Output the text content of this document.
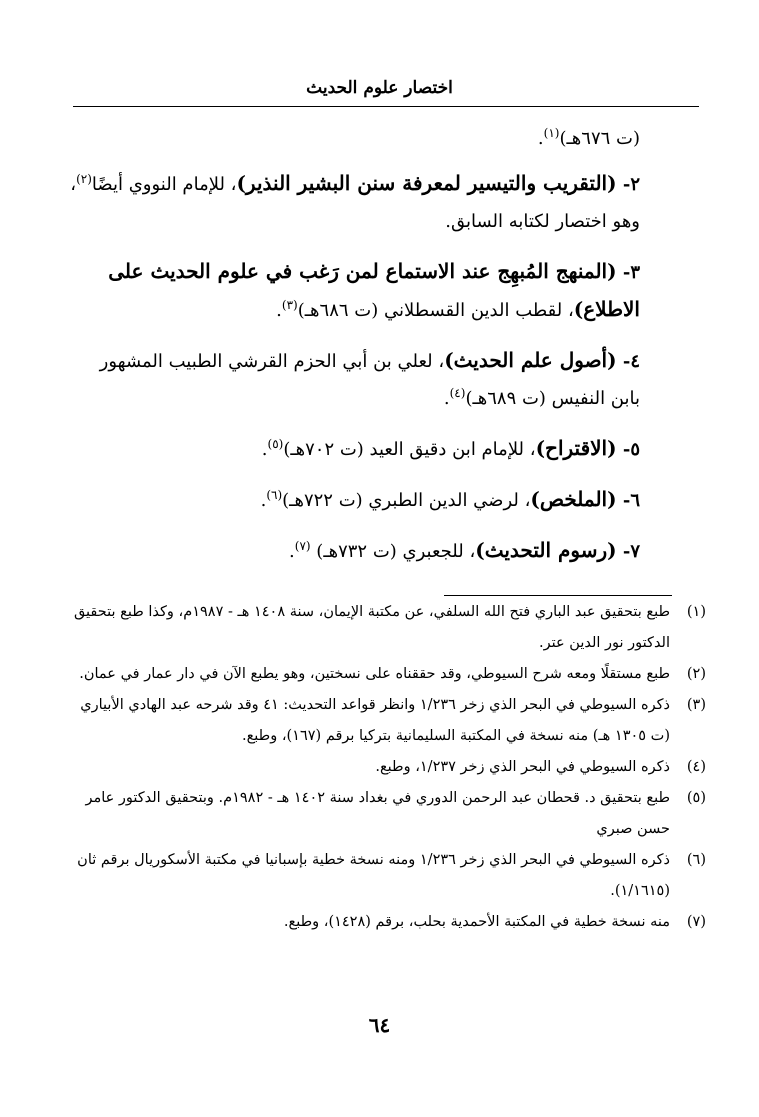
اختصار علوم الحديث
(ت ٦٧٦هـ)$^{(١)}$.
٢- (التقريب والتيسير لمعرفة سنن البشير النذير)، للإمام النووي أيضًا$^{(٢)}$، وهو اختصار لكتابه السابق.
٣- (المنهج المُبهِج عند الاستماع لمن رَغب في علوم الحديث على الاطلاع)، لقطب الدين القسطلاني (ت ٦٨٦هـ)$^{(٣)}$.
٤- (أصول علم الحديث)، لعلي بن أبي الحزم القرشي الطبيب المشهور بابن النفيس (ت ٦٨٩هـ)$^{(٤)}$.
٥- (الاقتراح)، للإمام ابن دقيق العيد (ت ٧٠٢هـ)$^{(٥)}$.
٦- (الملخص)، لرضي الدين الطبري (ت ٧٢٢هـ)$^{(٦)}$.
٧- (رسوم التحديث)، للجعبري (ت ٧٣٢هـ) $^{(٧)}$.
(١)
طبع بتحقيق عبد الباري فتح الله السلفي، عن مكتبة الإيمان، سنة ١٤٠٨ هـ - ١٩٨٧م، وكذا طبع بتحقيق الدكتور نور الدين عتر.
(٢)
طبع مستقلًا ومعه شرح السيوطي، وقد حققناه على نسختين، وهو يطبع الآن في دار عمار في عمان.
(٣)
ذكره السيوطي في البحر الذي زخر ١/٢٣٦ وانظر قواعد التحديث: ٤١ وقد شرحه عبد الهادي الأبياري (ت ١٣٠٥ هـ) منه نسخة في المكتبة السليمانية بتركيا برقم (١٦٧)، وطبع.
(٤)
ذكره السيوطي في البحر الذي زخر ١/٢٣٧، وطبع.
(٥)
طبع بتحقيق د. قحطان عبد الرحمن الدوري في بغداد سنة ١٤٠٢ هـ - ١٩٨٢م. وبتحقيق الدكتور عامر حسن صبري
(٦)
ذكره السيوطي في البحر الذي زخر ١/٢٣٦ ومنه نسخة خطية بإسبانيا في مكتبة الأسكوريال برقم ثان (١/١٦١٥).
(٧)
منه نسخة خطية في المكتبة الأحمدية بحلب، برقم (١٤٢٨)، وطبع.
٦٤
